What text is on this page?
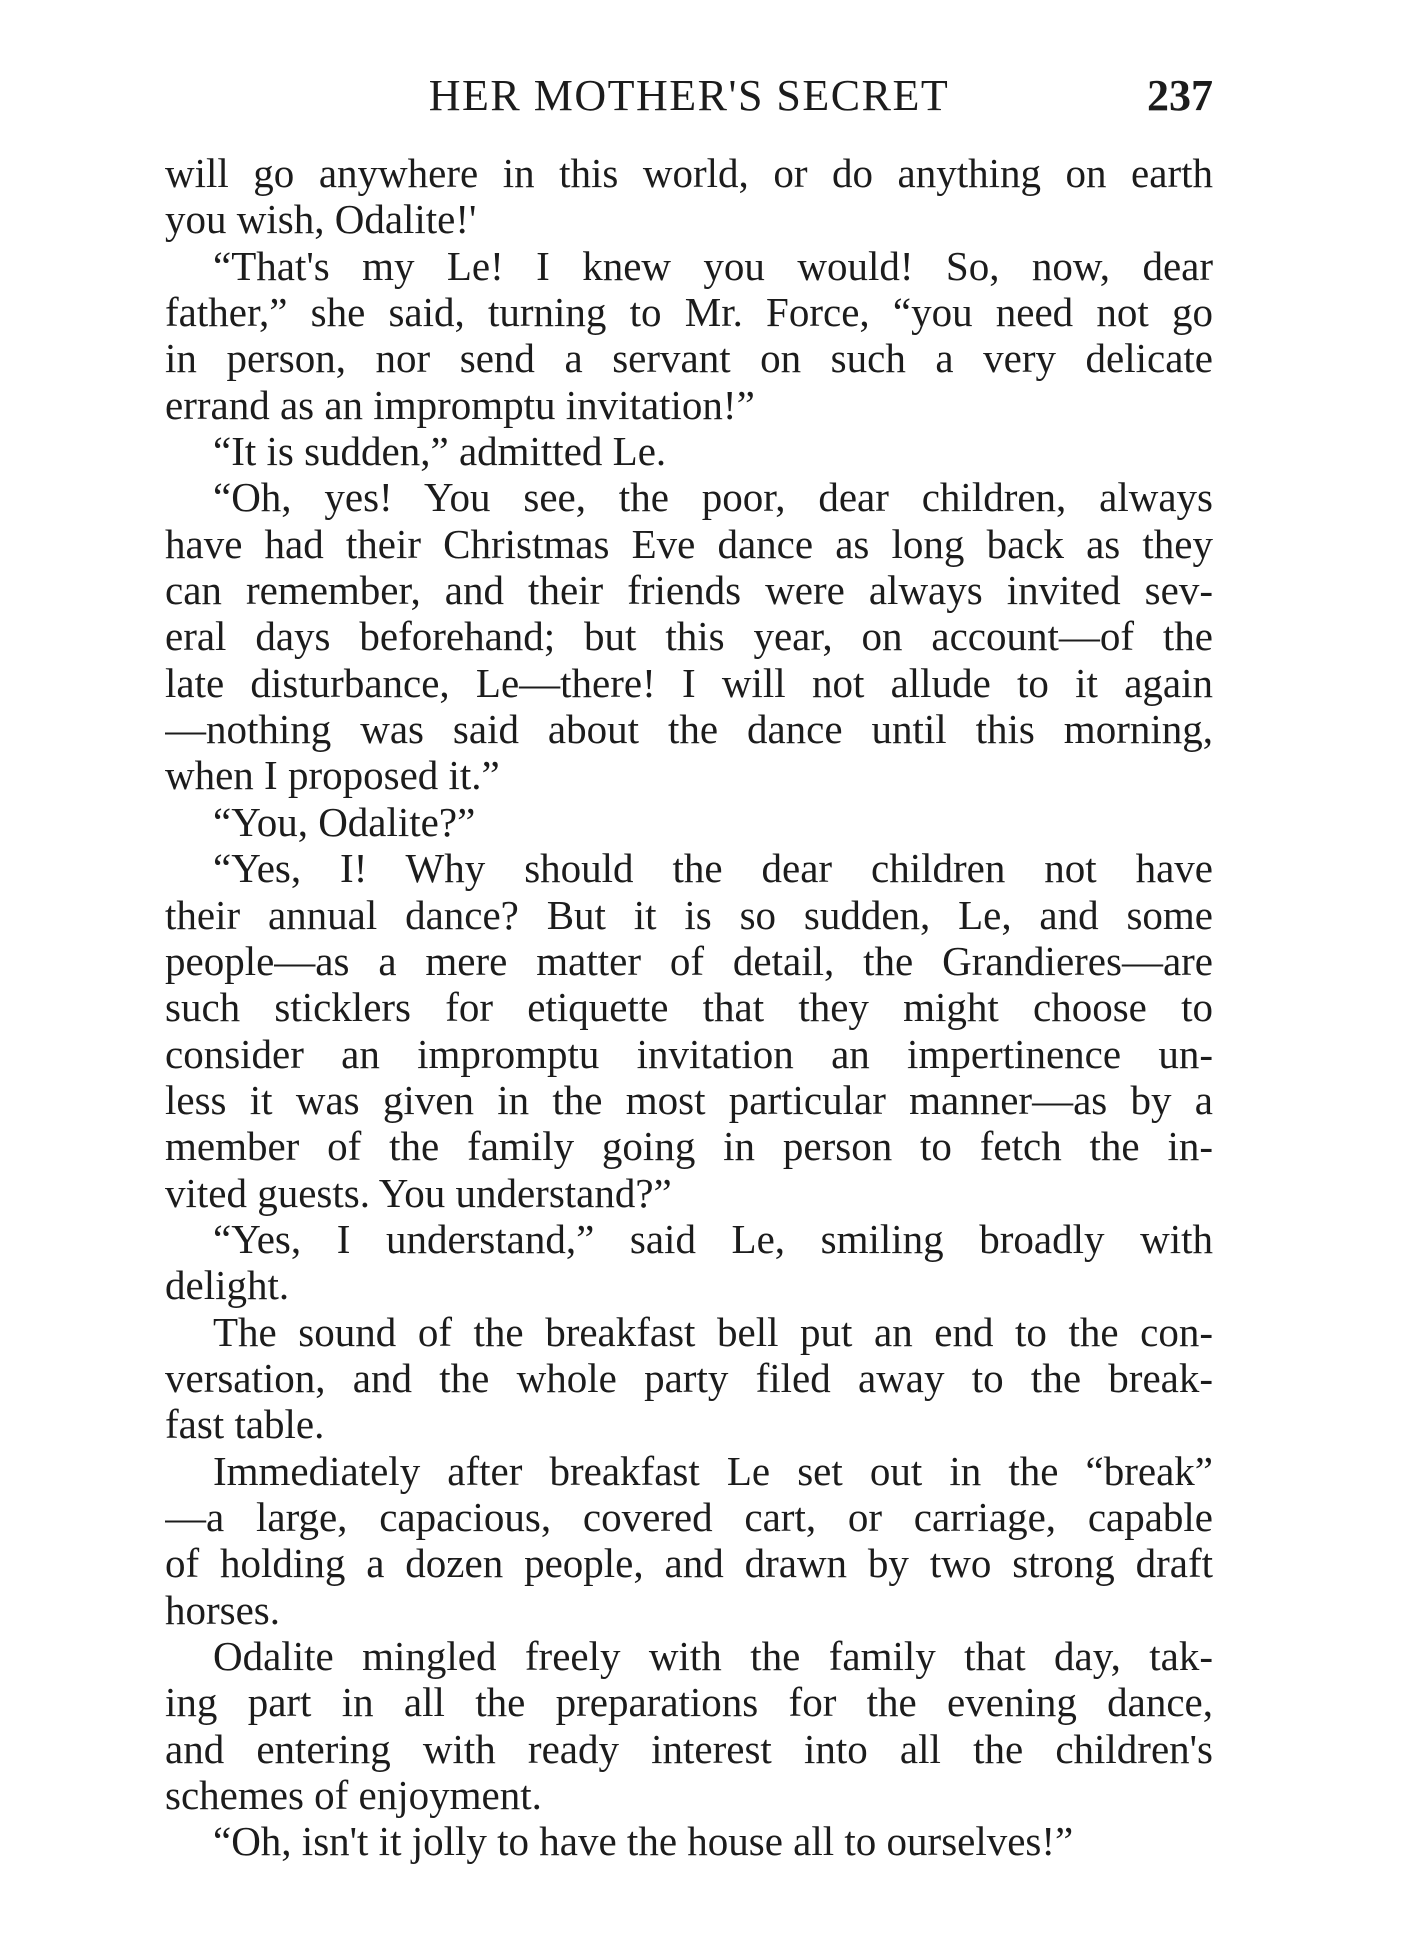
HER MOTHER'S SECRET	237
will go anywhere in this world, or do anything on earth
you wish, Odalite!'
“That's my Le! I knew you would! So, now, dear
father,” she said, turning to Mr. Force, “you need not go
in person, nor send a servant on such a very delicate
errand as an impromptu invitation!”
“It is sudden,” admitted Le.
“Oh, yes! You see, the poor, dear children, always
have had their Christmas Eve dance as long back as they
can remember, and their friends were always invited sev-
eral days beforehand; but this year, on account—of the
late disturbance, Le—there! I will not allude to it again
—nothing was said about the dance until this morning,
when I proposed it.”
“You, Odalite?”
“Yes, I! Why should the dear children not have
their annual dance? But it is so sudden, Le, and some
people—as a mere matter of detail, the Grandieres—are
such sticklers for etiquette that they might choose to
consider an impromptu invitation an impertinence un-
less it was given in the most particular manner—as by a
member of the family going in person to fetch the in-
vited guests. You understand?”
“Yes, I understand,” said Le, smiling broadly with
delight.
The sound of the breakfast bell put an end to the con-
versation, and the whole party filed away to the break-
fast table.
Immediately after breakfast Le set out in the “break”
—a large, capacious, covered cart, or carriage, capable
of holding a dozen people, and drawn by two strong draft
horses.
Odalite mingled freely with the family that day, tak-
ing part in all the preparations for the evening dance,
and entering with ready interest into all the children's
schemes of enjoyment.
“Oh, isn't it jolly to have the house all to ourselves!”
